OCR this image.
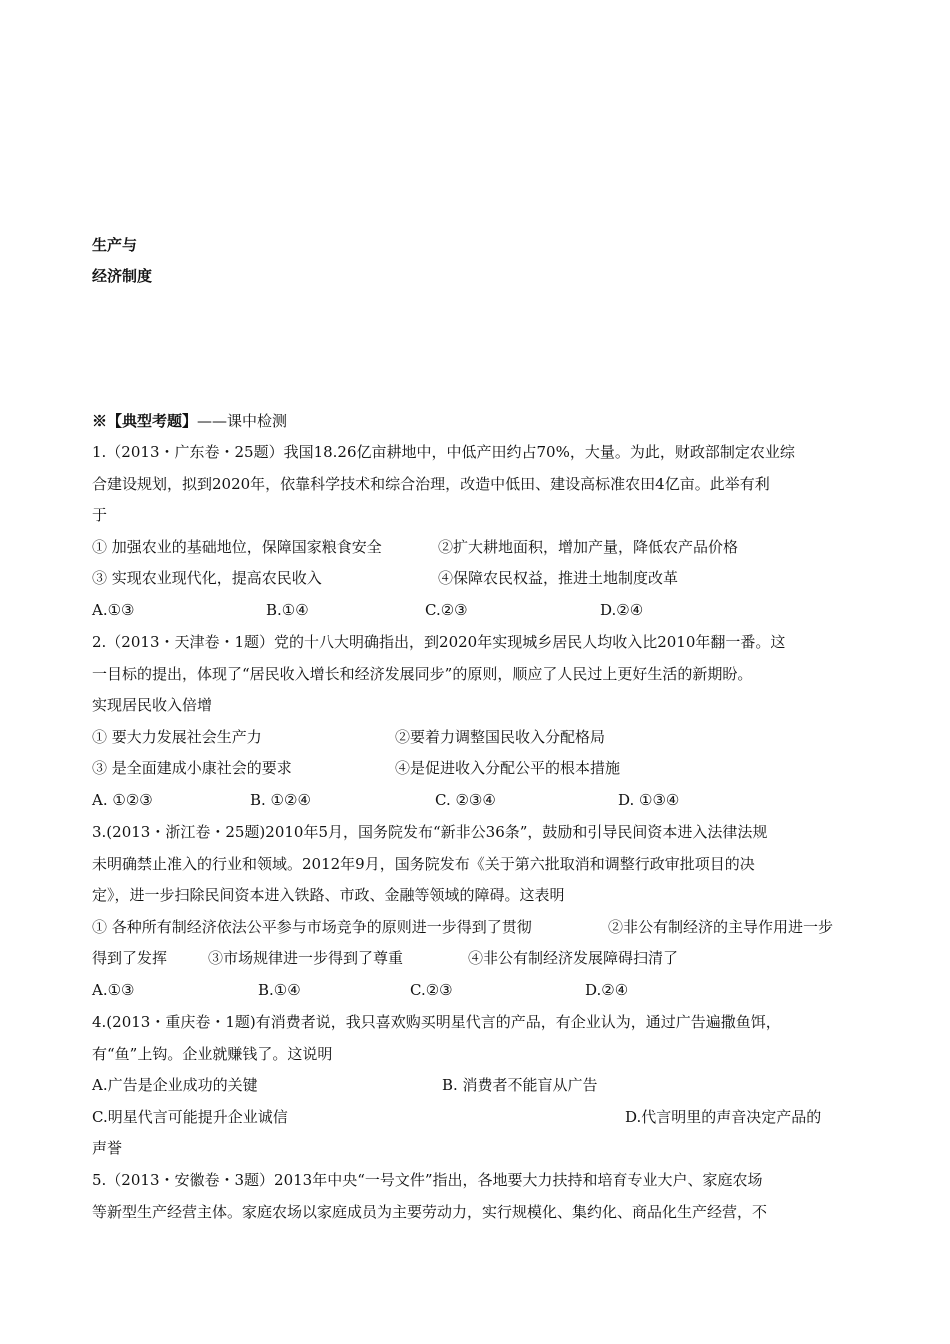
生产与
经济制度
※【典型考题】——课中检测
1.（2013・广东卷・25题）我国18.26亿亩耕地中，中低产田约占70%，大量。为此，财政部制定农业综
合建设规划，拟到2020年，依靠科学技术和综合治理，改造中低田、建设高标准农田4亿亩。此举有利
于
① 加强农业的基础地位，保障国家粮食安全	②扩大耕地面积，增加产量，降低农产品价格
③ 实现农业现代化，提高农民收入	④保障农民权益，推进土地制度改革
A.①③	B.①④	C.②③	D.②④
2.（2013・天津卷・1题）党的十八大明确指出，到2020年实现城乡居民人均收入比2010年翻一番。这
一目标的提出，体现了“居民收入增长和经济发展同步”的原则，顺应了人民过上更好生活的新期盼。
实现居民收入倍增
① 要大力发展社会生产力	②要着力调整国民收入分配格局
③ 是全面建成小康社会的要求	④是促进收入分配公平的根本措施
A. ①②③	B. ①②④	C. ②③④	D. ①③④
3.(2013・浙江卷・25题)2010年5月，国务院发布“新非公36条”，鼓励和引导民间资本进入法律法规
未明确禁止准入的行业和领域。2012年9月，国务院发布《关于第六批取消和调整行政审批项目的决
定》，进一步扫除民间资本进入铁路、市政、金融等领域的障碍。这表明
① 各种所有制经济依法公平参与市场竞争的原则进一步得到了贯彻	②非公有制经济的主导作用进一步
得到了发挥	③市场规律进一步得到了尊重	④非公有制经济发展障碍扫清了
A.①③	B.①④	C.②③	D.②④
4.(2013・重庆卷・1题)有消费者说，我只喜欢购买明星代言的产品，有企业认为，通过广告遍撒鱼饵，
有“鱼”上钩。企业就赚钱了。这说明
A.广告是企业成功的关键	B. 消费者不能盲从广告
C.明星代言可能提升企业诚信	D.代言明里的声音决定产品的
声誉
5.（2013・安徽卷・3题）2013年中央“一号文件”指出，各地要大力扶持和培育专业大户、家庭农场
等新型生产经营主体。家庭农场以家庭成员为主要劳动力，实行规模化、集约化、商品化生产经营，不
